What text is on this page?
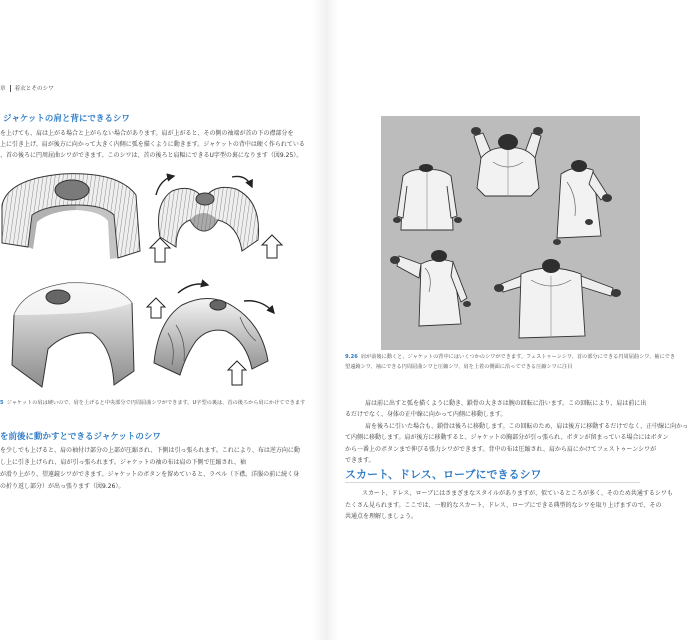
章 着衣とそのシワ
ジャケットの肩と背にできるシワ
を上げても、肩は上がる場合と上がらない場合があります。肩が上がると、その側の袖端が首の下の襟部分を
上に引き上げ、肩が後方に向かって大きく内側に弧を描くように動きます。ジャケットの背中は硬く作られている
、首の後ろに円周屈曲シワができます。このシワは、首の後ろと肩幅にできるU字型の裏になります（図9.25）。
5 ジャケットの肩は硬いので、肩を上げると中央部分で円周屈曲シワができます。U字型の裏は、首の後ろから肩にかけてできます
を前後に動かすとできるジャケットのシワ
を少しでも上げると、肩の袖付け部分の上部が圧縮され、下側は引っ張られます。これにより、布は逆方向に動
し上に引き上げられ、肩が引っ張られます。ジャケットの袖の布は肩の下側で圧縮され、袖
が滑り上がり、望遠鏡シワができます。ジャケットのボタンを留めていると、ラペル（下襟。洋服の前に続く身
の折り返し部分）が出っ張ります（図9.26）。
9.26 肩が前後に動くと、ジャケットの背中にはいくつかのシワができます。フェストゥーンシワ、首の部分にできる円周屈曲シワ、袖にでき
望遠鏡シワ、袖にできる円周屈曲シワと圧縮シワ、肩を上着の側面に沿ってできる圧縮シワに注目
肩は前に出すと弧を描くように動き、鎖骨の大きさは腕の回転に沿います。この回転により、肩は前に出
るだけでなく、身体の正中線に向かって内側に移動します。
肩を後ろに引いた場合も、鎖骨は後ろに移動します。この回転のため、肩は後方に移動するだけでなく、正中線に向かっ
て内側に移動します。肩が後方に移動すると、ジャケットの胸部分が引っ張られ、ボタンが留まっている場合にはボタン
から一番上のボタンまで伸びる張力シワができます。背中の布は圧縮され、肩から肩にかけてフェストゥーンシワが
できます。
スカート、ドレス、ローブにできるシワ
スカート、ドレス、ローブにはさまざまなスタイルがありますが、似ているところが多く、そのため共通するシワも
たくさん見られます。ここでは、一般的なスカート、ドレス、ローブにできる典型的なシワを取り上げますので、その
共通点を理解しましょう。
